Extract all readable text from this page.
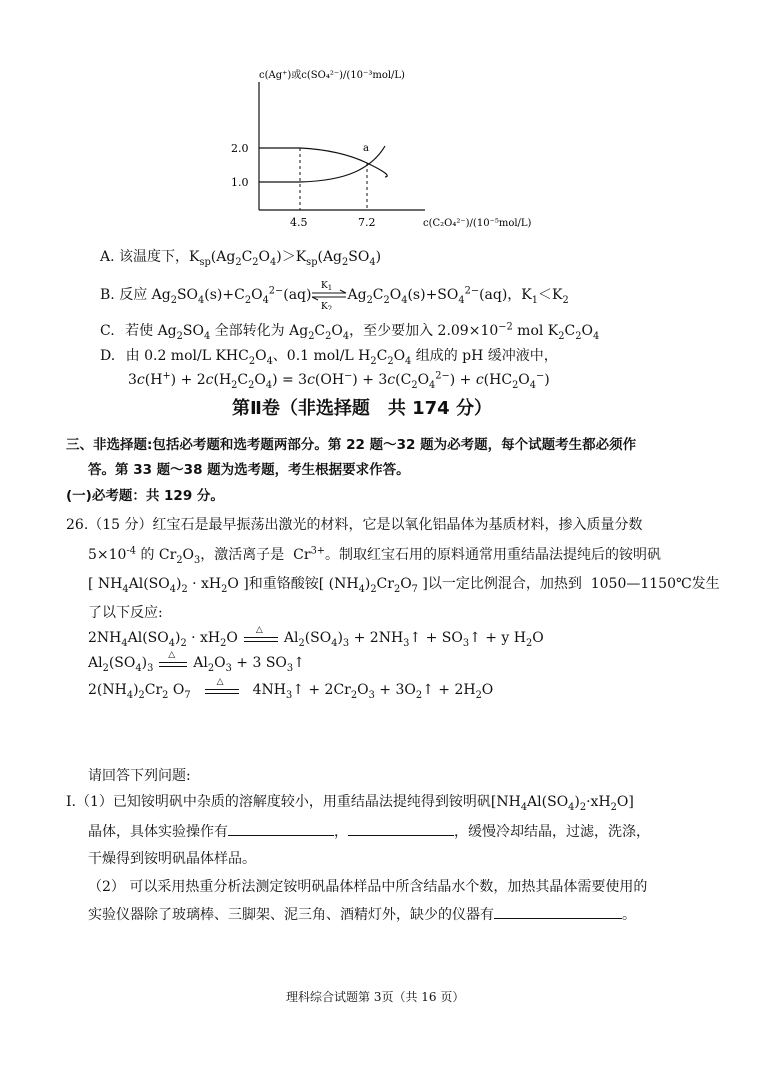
c(Ag⁺)或c(SO₄²⁻)/(10⁻³mol/L)
2.0
1.0
4.5	7.2	c(C₂O₄²⁻)/(10⁻⁵mol/L)
a
A. 该温度下，$K_{sp}(Ag_2C_2O_4)>K_{sp}(Ag_2SO_4)$
B. 反应 $Ag_2SO_4(s)+C_2O_4^{2-}(aq)$
$K_1$
$K_2$
$Ag_2C_2O_4(s)+SO_4^{2-}(aq)$，$K_1<K_2$
C. 若使 $Ag_2SO_4$ 全部转化为 $Ag_2C_2O_4$，至少要加入 $2.09\times 10^{-2}$ mol $K_2C_2O_4$
D. 由 0.2 mol/L $KHC_2O_4$、0.1 mol/L $H_2C_2O_4$ 组成的 pH 缓冲液中，
$3c(H^+) + 2c(H_2C_2O_4) = 3c(OH^-) + 3c(C_2O_4^{2-}) + c(HC_2O_4^-)$
第Ⅱ卷（非选择题　共 174 分）
三、非选择题:包括必考题和选考题两部分。第 22 题～32 题为必考题，每个试题考生都必须作
答。第 33 题～38 题为选考题，考生根据要求作答。
(一)必考题：共 129 分。
26.（15 分）红宝石是最早振荡出激光的材料，它是以氧化铝晶体为基质材料，掺入质量分数
$5\times 10^{-4}$ 的 $Cr_2O_3$，激活离子是  $Cr^{3+}$。制取红宝石用的原料通常用重结晶法提纯后的铵明矾
[ $NH_4Al(SO_4)_2 \cdot xH_2O$ ]和重铬酸铵[ $(NH_4)_2Cr_2O_7$ ]以一定比例混合，加热到  1050—1150℃发生
了以下反应:
$2NH_4Al(SO_4)_2 \cdot xH_2O$ △ $Al_2(SO_4)_3$ + $2NH_3↑$ + $SO_3↑ + y$ $H_2O$
$Al_2(SO_4)_3$
△ $Al_2O_3 + 3$ $SO_3↑$
$2(NH_4)_2Cr_2$ $O_7$
△ $4NH_3↑ + 2Cr_2O_3$ + $3O_2↑ + 2H_2O$
请回答下列问题:
Ⅰ.（1）已知铵明矾中杂质的溶解度较小，用重结晶法提纯得到铵明矾$[NH_4Al(SO_4)_2\cdot xH_2O]$
晶体，具体实验操作有	，	，缓慢冷却结晶，过滤，洗涤，
干燥得到铵明矾晶体样品。
（2） 可以采用热重分析法测定铵明矾晶体样品中所含结晶水个数，加热其晶体需要使用的
实验仪器除了玻璃棒、三脚架、泥三角、酒精灯外，缺少的仪器有	。
理科综合试题第 3页（共 16 页）
